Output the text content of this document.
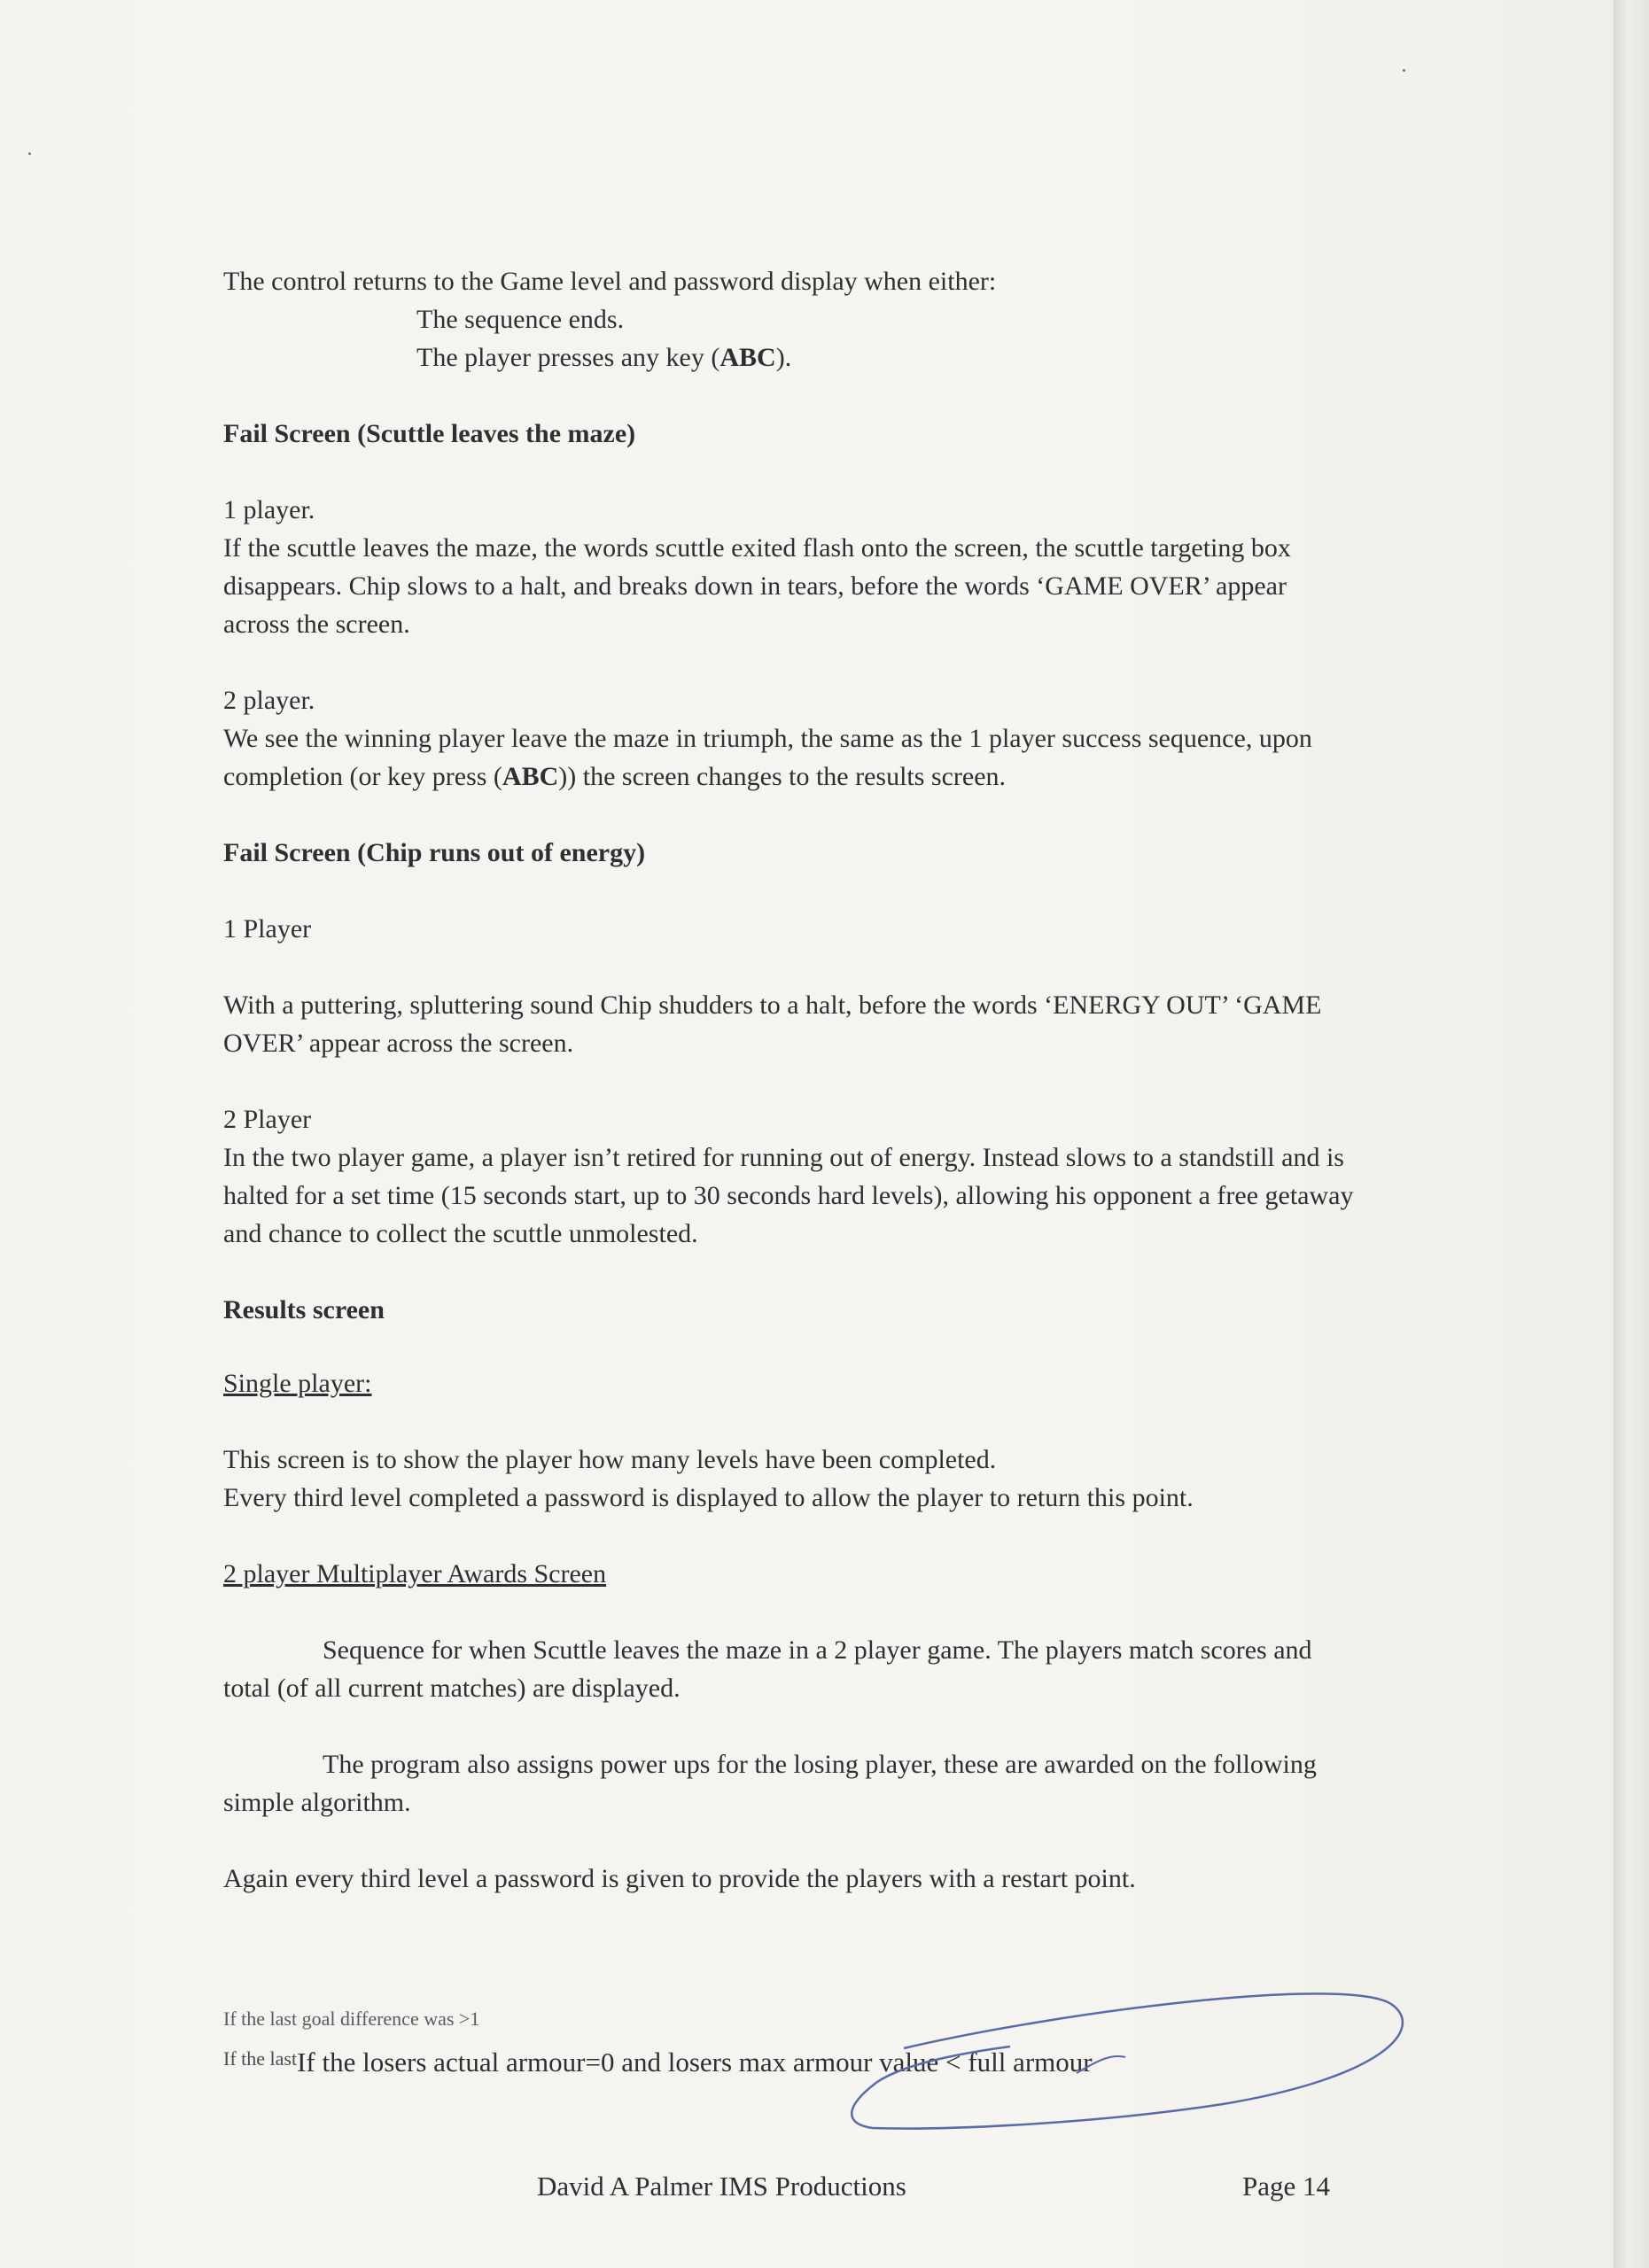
The control returns to the Game level and password display when either:

The sequence ends.

The player presses any key (ABC).

Fail Screen (Scuttle leaves the maze)

1 player.

If the scuttle leaves the maze, the words scuttle exited flash onto the screen, the scuttle targeting box disappears. Chip slows to a halt, and breaks down in tears, before the words ‘GAME OVER’ appear across the screen.

2 player.

We see the winning player leave the maze in triumph, the same as the 1 player success sequence, upon completion (or key press (ABC)) the screen changes to the results screen.

Fail Screen (Chip runs out of energy)

1 Player

With a puttering, spluttering sound Chip shudders to a halt, before the words ‘ENERGY OUT’ ‘GAME OVER’ appear across the screen.

2 Player

In the two player game, a player isn’t retired for running out of energy. Instead slows to a standstill and is halted for a set time (15 seconds start, up to 30 seconds hard levels), allowing his opponent a free getaway and chance to collect the scuttle unmolested.

Results screen

Single player:

This screen is to show the player how many levels have been completed.

Every third level completed a password is displayed to allow the player to return this point.

2 player Multiplayer Awards Screen

Sequence for when Scuttle leaves the maze in a 2 player game. The players match scores and total (of all current matches) are displayed.

The program also assigns power ups for the losing player, these are awarded on the following simple algorithm.

Again every third level a password is given to provide the players with a restart point.

If the last goal difference was >1
$^{If the last}$If the losers actual armour=0 and losers max armour value < full armour
David A Palmer IMS Productions	Page 14
